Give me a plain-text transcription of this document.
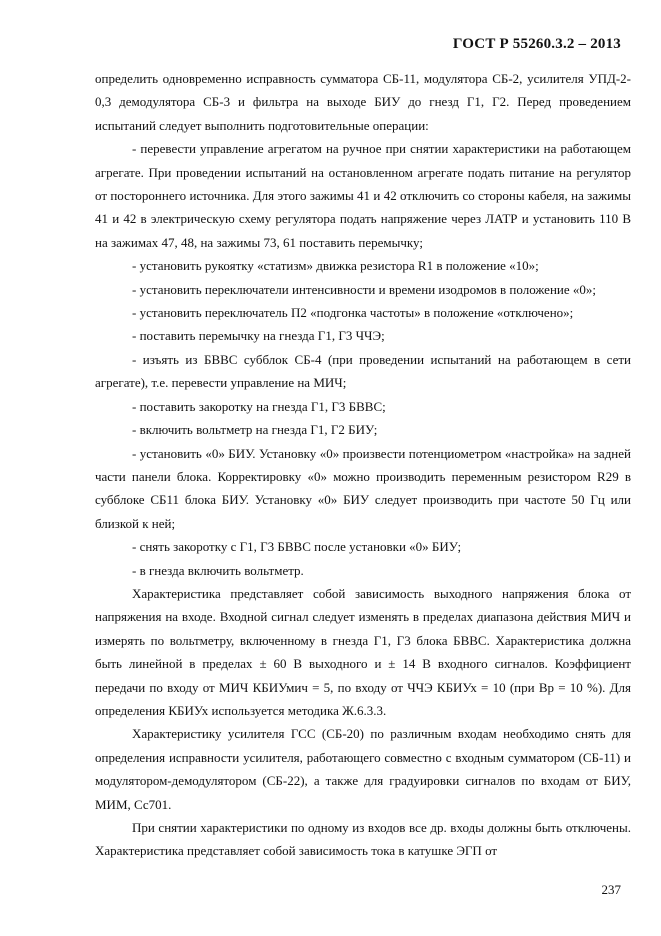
ГОСТ Р 55260.3.2 – 2013

определить одновременно исправность сумматора СБ-11, модулятора СБ-2, усилителя УПД-2-0,3 демодулятора СБ-3 и фильтра на выходе БИУ до гнезд Г1, Г2. Перед проведением испытаний следует выполнить подготовительные операции:

- перевести управление агрегатом на ручное при снятии характеристики на работающем агрегате. При проведении испытаний на остановленном агрегате подать питание на регулятор от постороннего источника. Для этого зажимы 41 и 42 отключить со стороны кабеля, на зажимы 41 и 42 в электрическую схему регулятора подать напряжение через ЛАТР и установить 110 В на зажимах 47, 48, на зажимы 73, 61 поставить перемычку;

- установить рукоятку «статизм» движка резистора R1 в положение «10»;

- установить переключатели интенсивности и времени изодромов в положение «0»;

- установить переключатель П2 «подгонка частоты» в положение «отключено»;

- поставить перемычку на гнезда Г1, Г3 ЧЧЭ;

- изъять из БВВС субблок СБ-4 (при проведении испытаний на работающем в сети агрегате), т.е. перевести управление на МИЧ;

- поставить закоротку на гнезда Г1, Г3 БВВС;

- включить вольтметр на гнезда Г1, Г2 БИУ;

- установить «0» БИУ. Установку «0» произвести потенциометром «настройка» на задней части панели блока. Корректировку «0» можно производить переменным резистором R29 в субблоке СБ11 блока БИУ. Установку «0» БИУ следует производить при частоте 50 Гц или близкой к ней;

- снять закоротку с Г1, Г3 БВВС после установки «0» БИУ;

- в гнезда включить вольтметр.

Характеристика представляет собой зависимость выходного напряжения блока от напряжения на входе. Входной сигнал следует изменять в пределах диапазона действия МИЧ и измерять по вольтметру, включенному в гнезда Г1, Г3 блока БВВС. Характеристика должна быть линейной в пределах ± 60 В выходного и ± 14 В входного сигналов. Коэффициент передачи по входу от МИЧ КБИУмич = 5, по входу от ЧЧЭ КБИУх = 10 (при Вр = 10 %). Для определения КБИУх используется методика Ж.6.3.3.

Характеристику усилителя ГСС (СБ-20) по различным входам необходимо снять для определения исправности усилителя, работающего совместно с входным сумматором (СБ-11) и модулятором-демодулятором (СБ-22), а также для градуировки сигналов по входам от БИУ, МИМ, Сс701.

При снятии характеристики по одному из входов все др. входы должны быть отключены. Характеристика представляет собой зависимость тока в катушке ЭГП от

237
